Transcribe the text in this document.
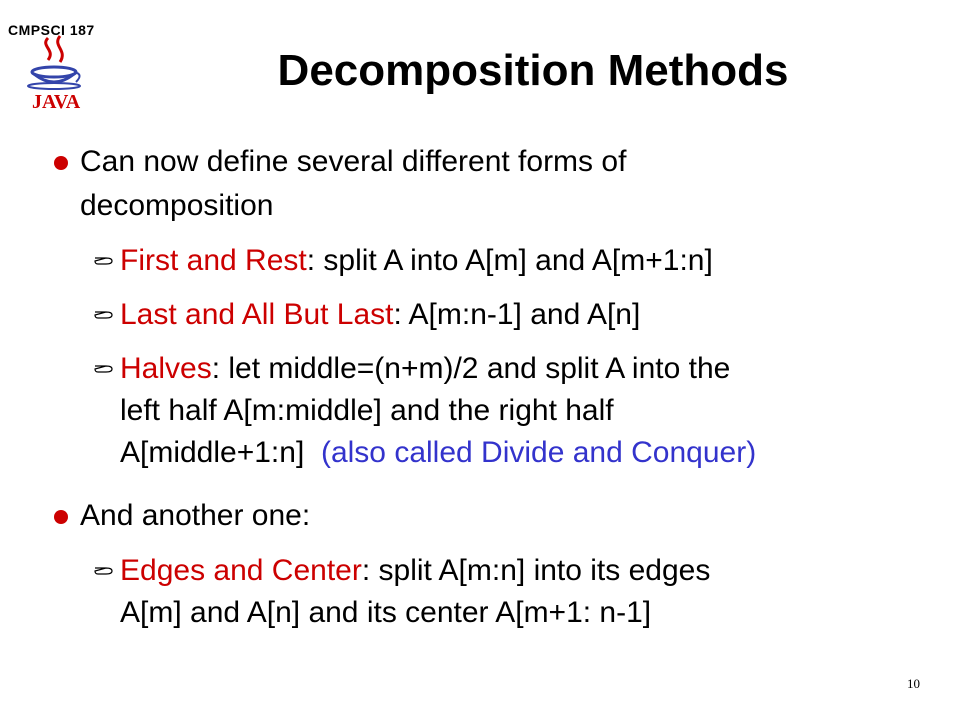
CMPSCI 187
JAVA
Decomposition Methods
Can now define several different forms of
decomposition
First and Rest: split A into A[m] and A[m+1:n]
Last and All But Last: A[m:n-1] and A[n]
Halves: let middle=(n+m)/2 and split A into the
left half A[m:middle] and the right half
A[middle+1:n] (also called Divide and Conquer)
And another one:
Edges and Center: split A[m:n] into its edges
A[m] and A[n] and its center A[m+1: n-1]
10
